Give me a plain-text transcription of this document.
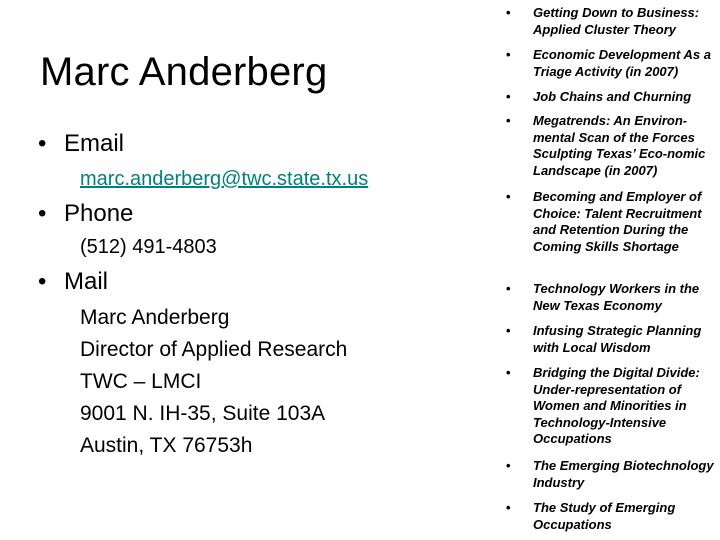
Marc Anderberg
• Email
marc.anderberg@twc.state.tx.us
• Phone
(512) 491-4803
• Mail
Marc Anderberg
Director of Applied Research
TWC – LMCI
9001 N. IH-35, Suite 103A
Austin, TX 76753h
•	Getting Down to Business: Applied Cluster Theory
•	Economic Development As a Triage Activity (in 2007)
•	Job Chains and Churning
•	Megatrends: An Environ-mental Scan of the Forces Sculpting Texas’ Eco-nomic Landscape (in 2007)
•	Becoming and Employer of Choice: Talent Recruitment and Retention During the Coming Skills Shortage
•	Technology Workers in the New Texas Economy
•	Infusing Strategic Planning with Local Wisdom
•	Bridging the Digital Divide: Under-representation of Women and Minorities in Technology-Intensive Occupations
•	The Emerging Biotechnology Industry
•	The Study of Emerging Occupations
